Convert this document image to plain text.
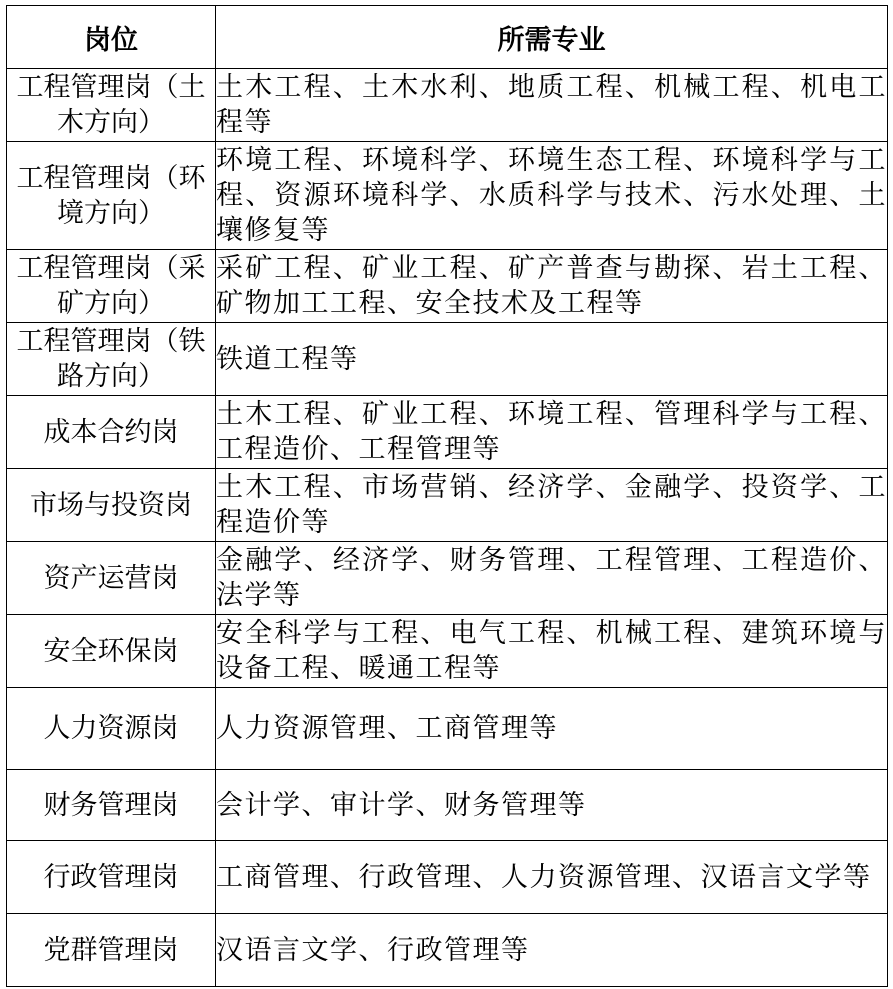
岗位	所需专业
工程管理岗（土木方向）	土木工程、土木水利、地质工程、机械工程、机电工程等
工程管理岗（环境方向）	环境工程、环境科学、环境生态工程、环境科学与工程、资源环境科学、水质科学与技术、污水处理、土壤修复等
工程管理岗（采矿方向）	采矿工程、矿业工程、矿产普查与勘探、岩土工程、矿物加工工程、安全技术及工程等
工程管理岗（铁路方向）	铁道工程等
成本合约岗	土木工程、矿业工程、环境工程、管理科学与工程、工程造价、工程管理等
市场与投资岗	土木工程、市场营销、经济学、金融学、投资学、工程造价等
资产运营岗	金融学、经济学、财务管理、工程管理、工程造价、法学等
安全环保岗	安全科学与工程、电气工程、机械工程、建筑环境与设备工程、暖通工程等
人力资源岗	人力资源管理、工商管理等
财务管理岗	会计学、审计学、财务管理等
行政管理岗	工商管理、行政管理、人力资源管理、汉语言文学等
党群管理岗	汉语言文学、行政管理等
